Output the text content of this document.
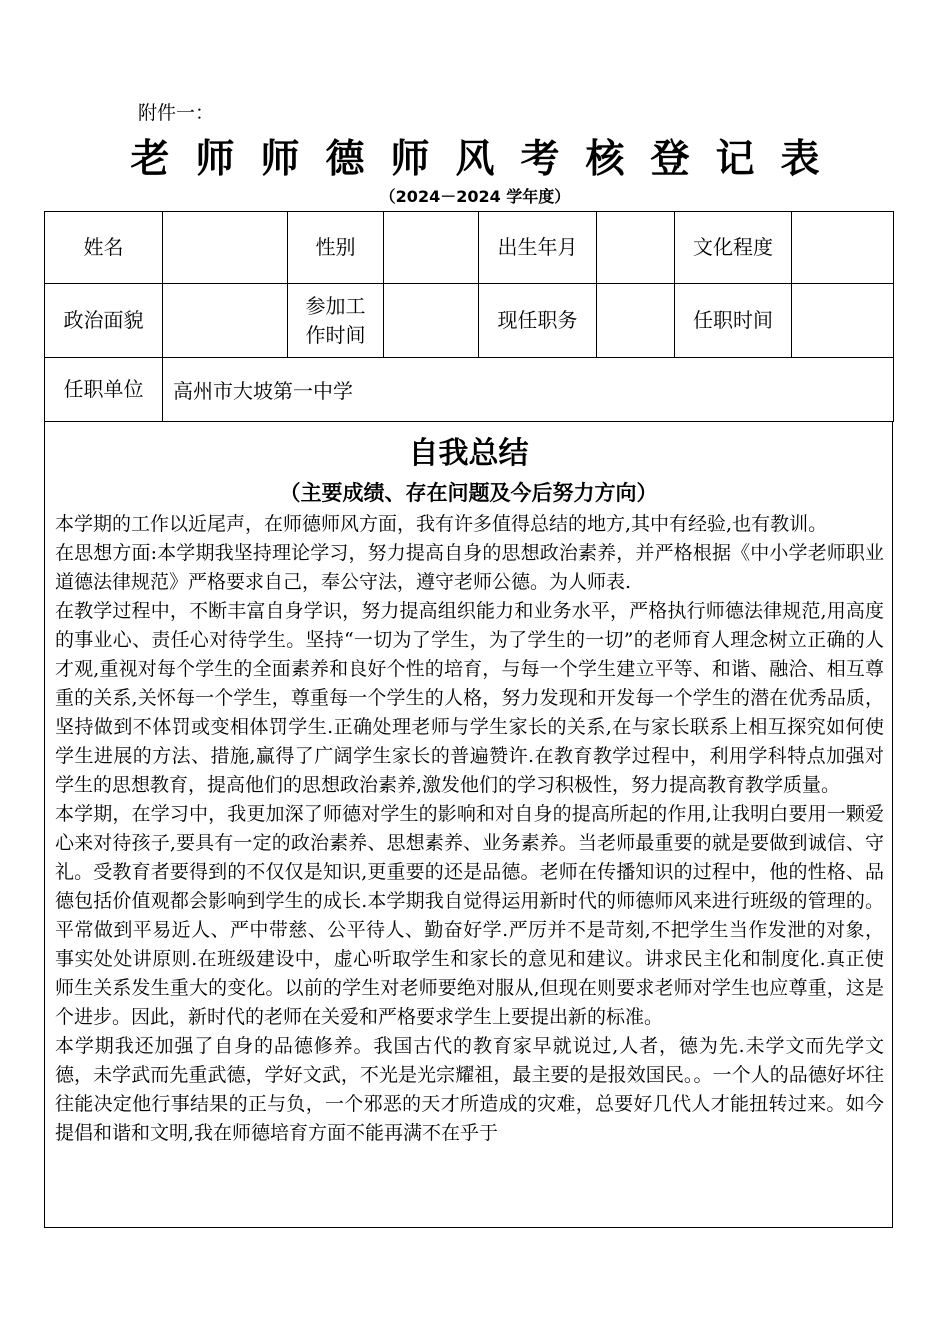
附件一：
老师师德师风考核登记表
（2024－2024 学年度）
姓名		性别		出生年月		文化程度	
政治面貌		参加工作时间		现任职务		任职时间	
任职单位	高州市大坡第一中学						
自我总结
（主要成绩、存在问题及今后努力方向）

本学期的工作以近尾声，在师德师风方面，我有许多值得总结的地方,其中有经验,也有教训。

在思想方面:本学期我坚持理论学习，努力提高自身的思想政治素养，并严格根据《中小学老师职业道德法律规范》严格要求自己，奉公守法，遵守老师公德。为人师表.

在教学过程中，不断丰富自身学识，努力提高组织能力和业务水平，严格执行师德法律规范,用高度的事业心、责任心对待学生。坚持“一切为了学生，为了学生的一切”的老师育人理念树立正确的人才观,重视对每个学生的全面素养和良好个性的培育，与每一个学生建立平等、和谐、融洽、相互尊重的关系,关怀每一个学生，尊重每一个学生的人格，努力发现和开发每一个学生的潜在优秀品质，坚持做到不体罚或变相体罚学生.正确处理老师与学生家长的关系,在与家长联系上相互探究如何使学生进展的方法、措施,赢得了广阔学生家长的普遍赞许.在教育教学过程中，利用学科特点加强对学生的思想教育，提高他们的思想政治素养,激发他们的学习积极性，努力提高教育教学质量。

本学期，在学习中，我更加深了师德对学生的影响和对自身的提高所起的作用,让我明白要用一颗爱心来对待孩子,要具有一定的政治素养、思想素养、业务素养。当老师最重要的就是要做到诚信、守礼。受教育者要得到的不仅仅是知识,更重要的还是品德。老师在传播知识的过程中，他的性格、品德包括价值观都会影响到学生的成长.本学期我自觉得运用新时代的师德师风来进行班级的管理的。平常做到平易近人、严中带慈、公平待人、勤奋好学.严厉并不是苛刻,不把学生当作发泄的对象，事实处处讲原则.在班级建设中，虚心听取学生和家长的意见和建议。讲求民主化和制度化.真正使师生关系发生重大的变化。以前的学生对老师要绝对服从,但现在则要求老师对学生也应尊重，这是个进步。因此，新时代的老师在关爱和严格要求学生上要提出新的标准。

本学期我还加强了自身的品德修养。我国古代的教育家早就说过,人者，德为先.未学文而先学文德，未学武而先重武德，学好文武，不光是光宗耀祖，最主要的是报效国民。。一个人的品德好坏往往能决定他行事结果的正与负，一个邪恶的天才所造成的灾难，总要好几代人才能扭转过来。如今提倡和谐和文明,我在师德培育方面不能再满不在乎于
